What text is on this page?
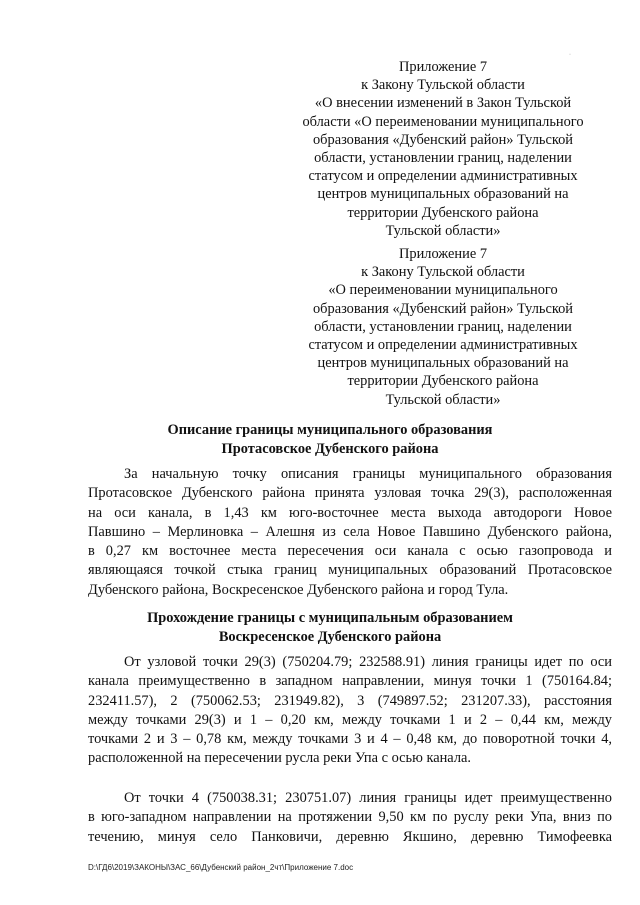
·
Приложение 7
к Закону Тульской области
«О внесении изменений в Закон Тульской
области «О переименовании муниципального
образования «Дубенский район» Тульской
области, установлении границ, наделении
статусом и определении административных
центров муниципальных образований на
территории Дубенского района
Тульской области»
Приложение 7
к Закону Тульской области
«О переименовании муниципального
образования «Дубенский район» Тульской
области, установлении границ, наделении
статусом и определении административных
центров муниципальных образований на
территории Дубенского района
Тульской области»
Описание границы муниципального образования
Протасовское Дубенского района
За начальную точку описания границы муниципального образования
Протасовское Дубенского района принята узловая точка 29(3), расположенная
на оси канала, в 1,43 км юго-восточнее места выхода автодороги Новое
Павшино – Мерлиновка – Алешня из села Новое Павшино Дубенского района,
в 0,27 км восточнее места пересечения оси канала с осью газопровода и
являющаяся точкой стыка границ муниципальных образований Протасовское
Дубенского района, Воскресенское Дубенского района и город Тула.
Прохождение границы с муниципальным образованием
Воскресенское Дубенского района
От узловой точки 29(3) (750204.79; 232588.91) линия границы идет по оси
канала преимущественно в западном направлении, минуя точки 1 (750164.84;
232411.57), 2 (750062.53; 231949.82), 3 (749897.52; 231207.33), расстояния
между точками 29(3) и 1 – 0,20 км, между точками 1 и 2 – 0,44 км, между
точками 2 и 3 – 0,78 км, между точками 3 и 4 – 0,48 км, до поворотной точки 4,
расположенной на пересечении русла реки Упа с осью канала.
От точки 4 (750038.31; 230751.07) линия границы идет преимущественно
в юго-западном направлении на протяжении 9,50 км по руслу реки Упа, вниз по
течению, минуя село Панковичи, деревню Якшино, деревню Тимофеевка
D:\ГД6\2019\ЗАКОНЫ\ЗАС_66\Дубенский район_2чт\Приложение 7.doc
